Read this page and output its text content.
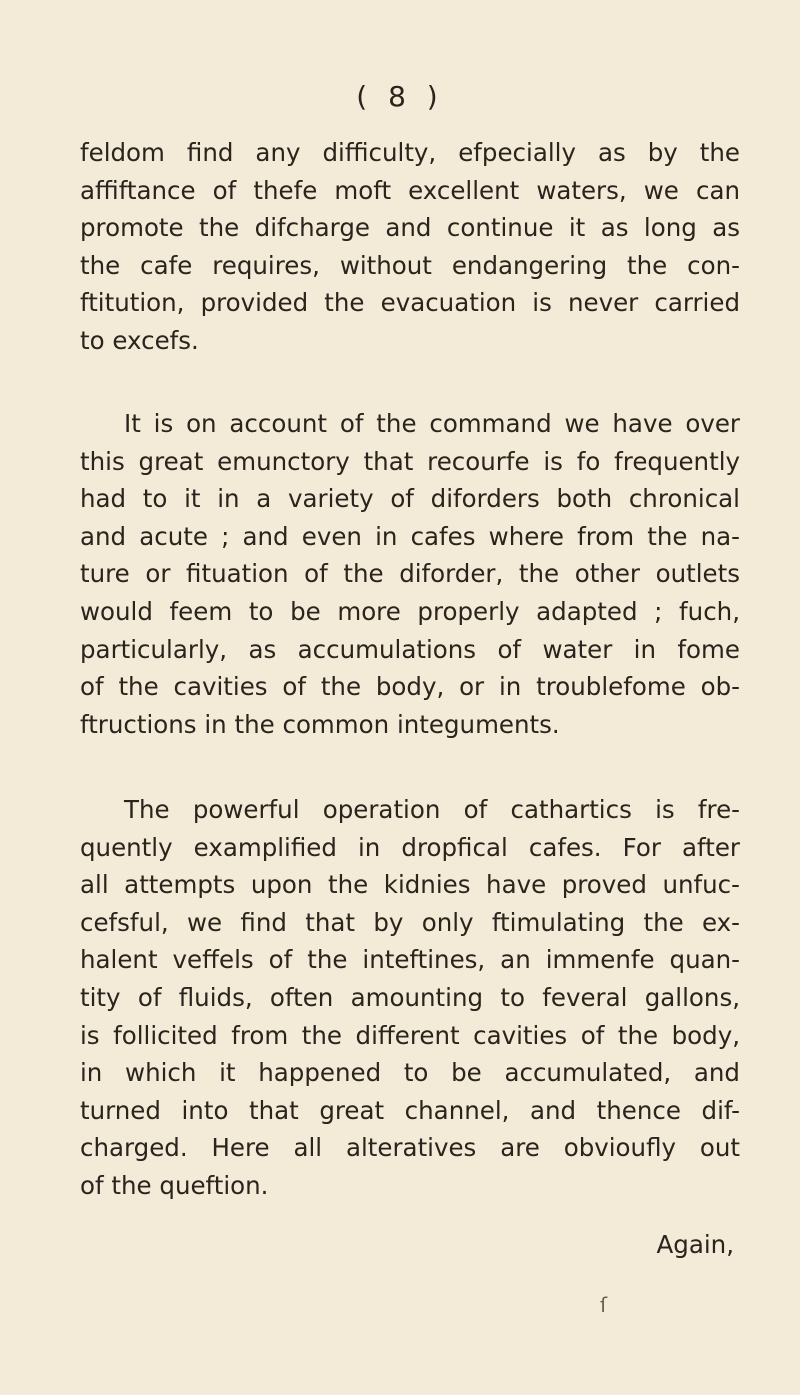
( 8 )
feldom find any difficulty, efpecially as by the
affiftance of thefe moft excellent waters, we can
promote the difcharge and continue it as long as
the cafe requires, without endangering the con-
ftitution, provided the evacuation is never carried
to excefs.
It is on account of the command we have over
this great emunctory that recourfe is fo frequently
had to it in a variety of diforders both chronical
and acute ; and even in cafes where from the na-
ture or fituation of the diforder, the other outlets
would feem to be more properly adapted ; fuch,
particularly, as accumulations of water in fome
of the cavities of the body, or in troublefome ob-
ftructions in the common integuments.
The powerful operation of cathartics is fre-
quently examplified in dropfical cafes. For after
all attempts upon the kidnies have proved unfuc-
cefsful, we find that by only ftimulating the ex-
halent veffels of the inteftines, an immenfe quan-
tity of fluids, often amounting to feveral gallons,
is follicited from the different cavities of the body,
in which it happened to be accumulated, and
turned into that great channel, and thence dif-
charged. Here all alteratives are obvioufly out
of the queftion.
Again,
ſ
